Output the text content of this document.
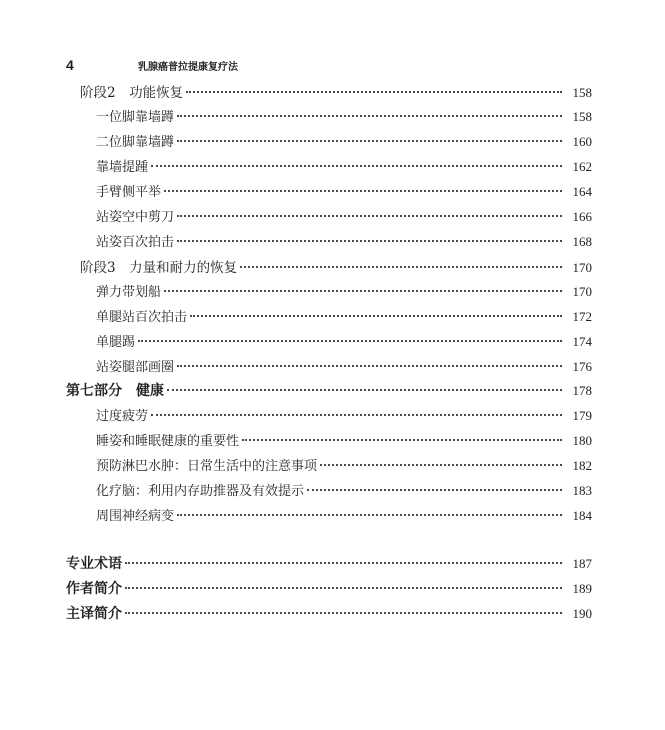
4	乳腺癌普拉提康复疗法
阶段2　功能恢复	158
一位脚靠墙蹲	158
二位脚靠墙蹲	160
靠墙提踵	162
手臂侧平举	164
站姿空中剪刀	166
站姿百次拍击	168
阶段3　力量和耐力的恢复	170
弹力带划船	170
单腿站百次拍击	172
单腿踢	174
站姿腿部画圈	176
第七部分　健康	178
过度疲劳	179
睡姿和睡眠健康的重要性	180
预防淋巴水肿：日常生活中的注意事项	182
化疗脑：利用内存助推器及有效提示	183
周围神经病变	184
专业术语	187
作者简介	189
主译简介	190
